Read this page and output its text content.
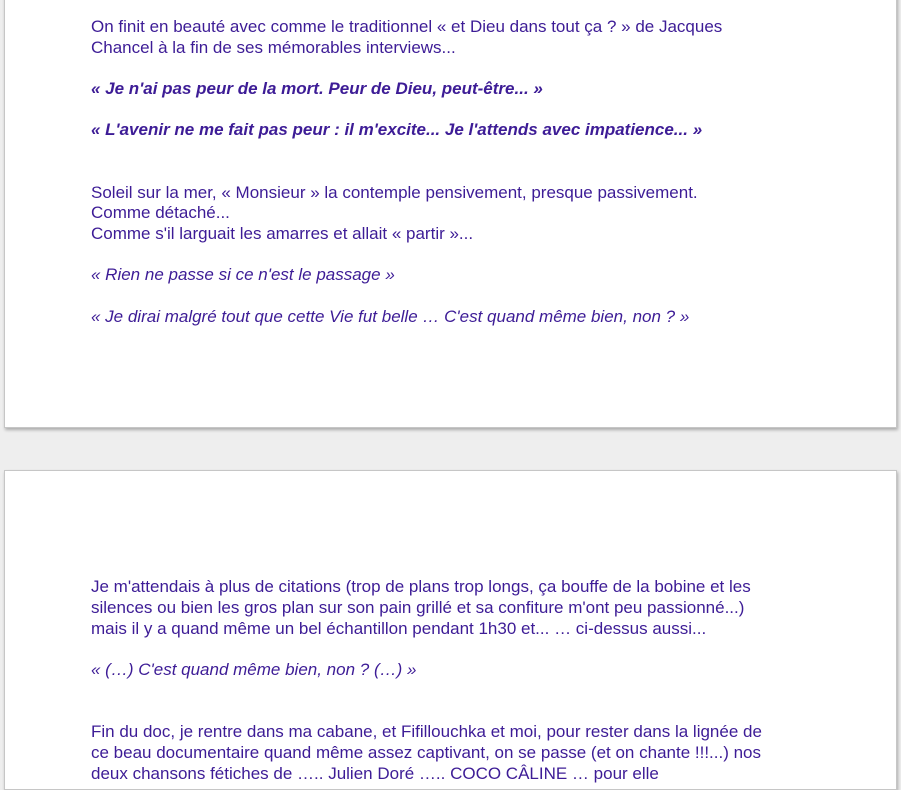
On finit en beauté avec comme le traditionnel « et Dieu dans tout ça ? » de Jacques
Chancel à la fin de ses mémorables interviews...
« Je n'ai pas peur de la mort. Peur de Dieu, peut-être... »
« L'avenir ne me fait pas peur : il m'excite... Je l'attends avec impatience... »
Soleil sur la mer, « Monsieur » la contemple pensivement, presque passivement.
Comme détaché...
Comme s'il larguait les amarres et allait « partir »...
« Rien ne passe si ce n'est le passage »
« Je dirai malgré tout que cette Vie fut belle … C'est quand même bien, non ? »
Je m'attendais à plus de citations (trop de plans trop longs, ça bouffe de la bobine et les
silences ou bien les gros plan sur son pain grillé et sa confiture m'ont peu passionné...)
mais il y a quand même un bel échantillon pendant 1h30 et... … ci-dessus aussi...
« (…) C'est quand même bien, non ? (…) »
Fin du doc, je rentre dans ma cabane, et Fifillouchka et moi, pour rester dans la lignée de
ce beau documentaire quand même assez captivant, on se passe (et on chante !!!...) nos
deux chansons fétiches de ….. Julien Doré ….. COCO CÂLINE … pour elle
